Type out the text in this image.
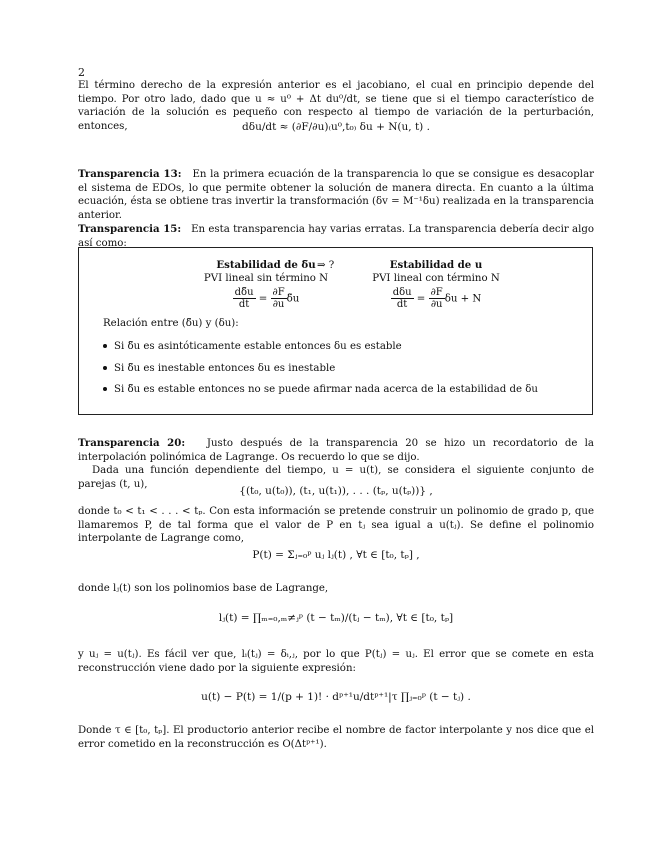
2

El término derecho de la expresión anterior es el jacobiano, el cual en principio depende del tiempo. Por otro lado, dado que u ≈ u⁰ + Δt du⁰/dt, se tiene que si el tiempo característico de variación de la solución es pequeño con respecto al tiempo de variación de la perturbación, entonces,	dδu/dt ≈ (∂F/∂u)₍u⁰,t₀₎ δu + N(u, t) .

Transparencia 13: En la primera ecuación de la transparencia lo que se consigue es desacoplar el sistema de EDOs, lo que permite obtener la solución de manera directa. En cuanto a la última ecuación, ésta se obtiene tras invertir la transformación (δv = M⁻¹δu) realizada en la transparencia anterior.

Transparencia 15: En esta transparencia hay varias erratas. La transparencia debería decir algo así como:

Estabilidad de δ̃u
PVI lineal sin término N
$\frac{d\deltãu}{dt} = \frac{\partial F}{\partial u}$ δ̃u
⇒ ?	Estabilidad de u
PVI lineal con término N
$\frac{\text{dδu}}{dt} = \frac{\partial F}{\partial u}$ δu + N
Relación entre (δ̃u) y (δu):
Si δ̃u es asintóticamente estable entonces δu es estable
Si δ̃u es inestable entonces δu es inestable
Si δ̃u es estable entonces no se puede afirmar nada acerca de la estabilidad de δu

Transparencia 20: Justo después de la transparencia 20 se hizo un recordatorio de la interpolación polinómica de Lagrange. Os recuerdo lo que se dijo.

Dada una función dependiente del tiempo, u = u(t), se considera el siguiente conjunto de parejas (t, u),

{(t₀, u(t₀)), (t₁, u(t₁)), . . . (tₚ, u(tₚ))} ,

donde t₀ < t₁ < . . . < tₚ. Con esta información se pretende construir un polinomio de grado p, que llamaremos P, de tal forma que el valor de P en tⱼ sea igual a u(tⱼ). Se define el polinomio interpolante de Lagrange como,

P(t) = Σⱼ₌₀ᵖ uⱼ lⱼ(t) , ∀t ∈ [t₀, tₚ] ,

donde lⱼ(t) son los polinomios base de Lagrange,

lⱼ(t) = ∏ₘ₌₀,ₘ≠ⱼᵖ (t − tₘ)/(tⱼ − tₘ), ∀t ∈ [t₀, tₚ]

y uⱼ = u(tⱼ). Es fácil ver que, lᵢ(tⱼ) = δᵢ,ⱼ, por lo que P(tⱼ) = uⱼ. El error que se comete en esta reconstrucción viene dado por la siguiente expresión:

u(t) − P(t) = 1/(p + 1)! · dᵖ⁺¹u/dtᵖ⁺¹|τ ∏ⱼ₌₀ᵖ (t − tⱼ) .

Donde τ ∈ [t₀, tₚ]. El productorio anterior recibe el nombre de factor interpolante y nos dice que el error cometido en la reconstrucción es O(Δtᵖ⁺¹).
